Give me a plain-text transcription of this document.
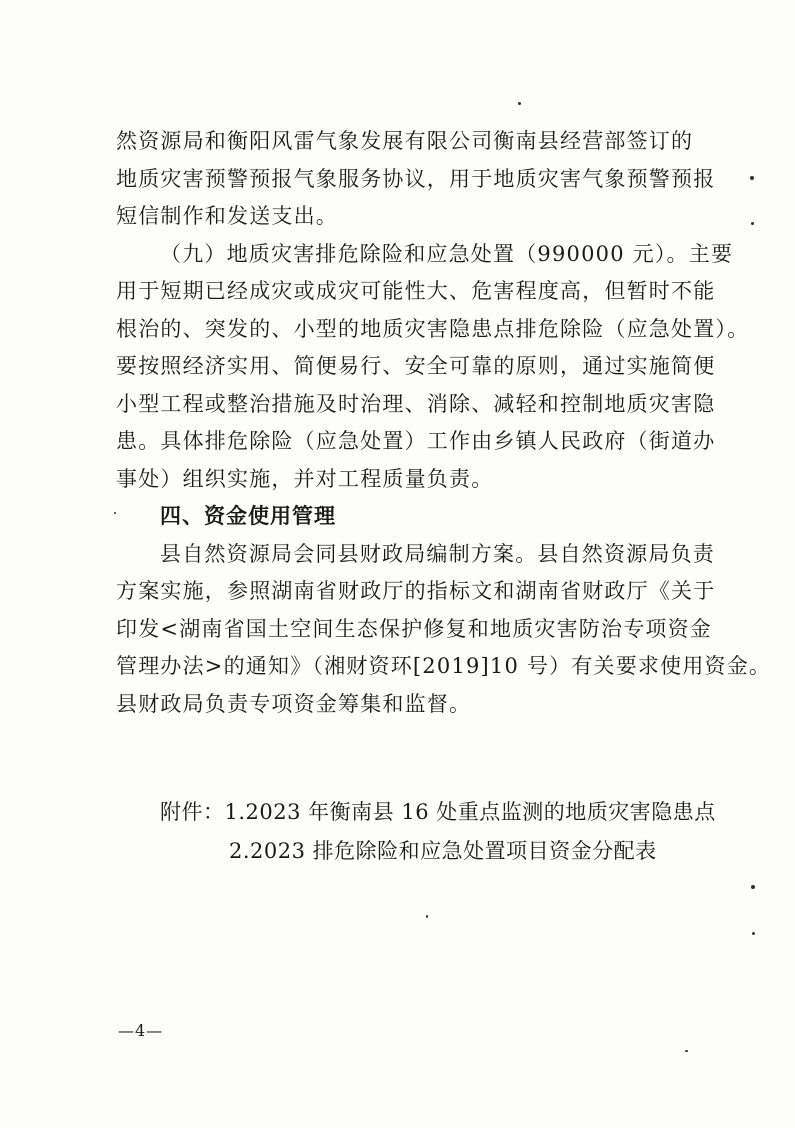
然资源局和衡阳风雷气象发展有限公司衡南县经营部签订的
地质灾害预警预报气象服务协议，用于地质灾害气象预警预报
短信制作和发送支出。
（九）地质灾害排危除险和应急处置（990000 元）。主要
用于短期已经成灾或成灾可能性大、危害程度高，但暂时不能
根治的、突发的、小型的地质灾害隐患点排危除险（应急处置）。
要按照经济实用、简便易行、安全可靠的原则，通过实施简便
小型工程或整治措施及时治理、消除、减轻和控制地质灾害隐
患。具体排危除险（应急处置）工作由乡镇人民政府（街道办
事处）组织实施，并对工程质量负责。
四、资金使用管理
县自然资源局会同县财政局编制方案。县自然资源局负责
方案实施，参照湖南省财政厅的指标文和湖南省财政厅《关于
印发<湖南省国土空间生态保护修复和地质灾害防治专项资金
管理办法>的通知》（湘财资环[2019]10 号）有关要求使用资金。
县财政局负责专项资金筹集和监督。
附件：1.2023 年衡南县 16 处重点监测的地质灾害隐患点
2.2023 排危除险和应急处置项目资金分配表
—4—
